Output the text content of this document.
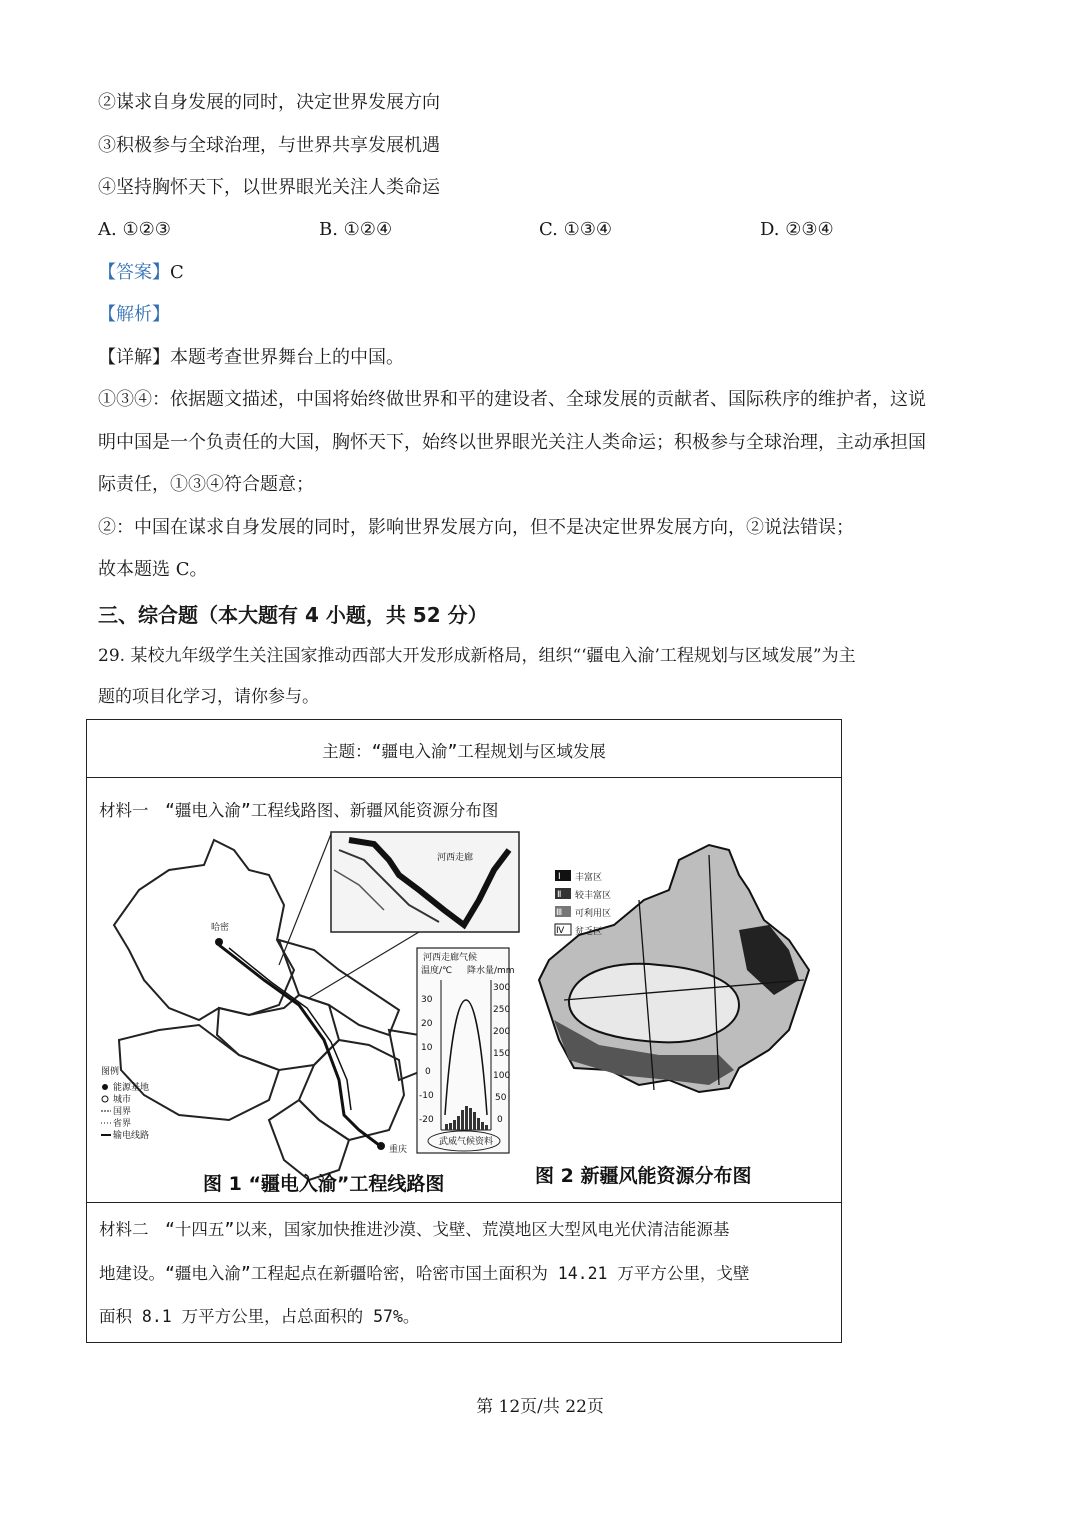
②谋求自身发展的同时，决定世界发展方向
③积极参与全球治理，与世界共享发展机遇
④坚持胸怀天下，以世界眼光关注人类命运
A. ①②③	B. ①②④	C. ①③④	D. ②③④
【答案】C
【解析】
【详解】本题考查世界舞台上的中国。
①③④：依据题文描述，中国将始终做世界和平的建设者、全球发展的贡献者、国际秩序的维护者，这说
明中国是一个负责任的大国，胸怀天下，始终以世界眼光关注人类命运；积极参与全球治理，主动承担国
际责任，①③④符合题意；
②：中国在谋求自身发展的同时，影响世界发展方向，但不是决定世界发展方向，②说法错误；
故本题选 C。
三、综合题（本大题有 4 小题，共 52 分）
29. 某校九年级学生关注国家推动西部大开发形成新格局，组织“‘疆电入渝’工程规划与区域发展”为主
题的项目化学习，请你参与。
主题：“疆电入渝”工程规划与区域发展
材料一　“疆电入渝”工程线路图、新疆风能资源分布图
哈密
重庆
图例
能源基地
城市
国界
省界
输电线路
河西走廊
河西走廊气候
温度/℃ 降水量/mm
30
20
10
0
-10
-20
300
250
200
150
100
50
0
武威气候资料
图 1 “疆电入渝”工程线路图
Ⅰ 丰富区
Ⅱ 较丰富区
Ⅲ 可利用区
Ⅳ 贫乏区
图 2 新疆风能资源分布图
材料二　“十四五”以来，国家加快推进沙漠、戈壁、荒漠地区大型风电光伏清洁能源基
地建设。“疆电入渝”工程起点在新疆哈密，哈密市国土面积为 14.21 万平方公里，戈壁
面积 8.1 万平方公里，占总面积的 57%。
第 12页/共 22页
